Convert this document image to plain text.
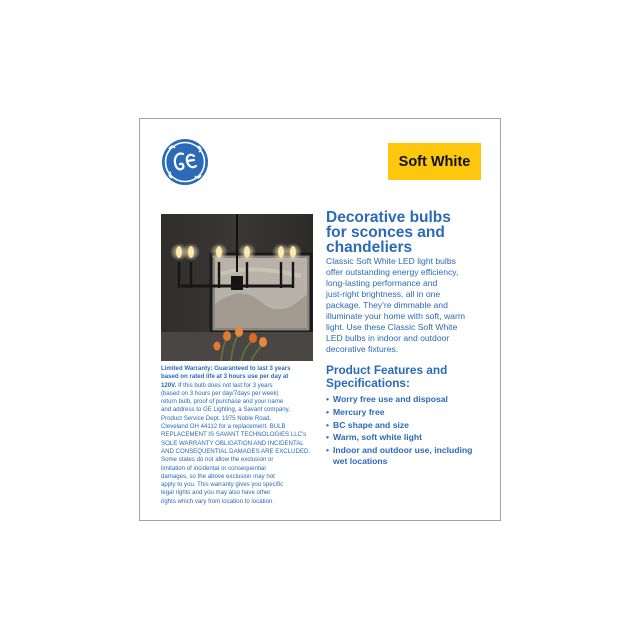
Soft White
Decorative bulbs
for sconces and
chandeliers
Classic Soft White LED light bulbs
offer outstanding energy efficiency,
long-lasting performance and
just-right brightness, all in one
package. They're dimmable and
illuminate your home with soft, warm
light. Use these Classic Soft White
LED bulbs in indoor and outdoor
decorative fixtures.
Product Features and
Specifications:
• Worry free use and disposal
• Mercury free
• BC shape and size
• Warm, soft white light
• Indoor and outdoor use, including wet locations
Limited Warranty: Guaranteed to last 3 years
based on rated life at 3 hours use per day at
120V. If this bulb does not last for 3 years
(based on 3 hours per day/7days per week)
return bulb, proof of purchase and your name
and address to GE Lighting, a Savant company,
Product Service Dept. 1975 Noble Road,
Cleveland OH 44112 for a replacement. BULB
REPLACEMENT IS SAVANT TECHNOLOGIES LLC's
SOLE WARRANTY OBLIGATION AND INCIDENTAL
AND CONSEQUENTIAL DAMAGES ARE EXCLUDED.
Some states do not allow the exclusion or
limitation of incidental or consequential
damages, so the above exclusion may not
apply to you. This warranty gives you specific
legal rights and you may also have other
rights which vary from location to location.
